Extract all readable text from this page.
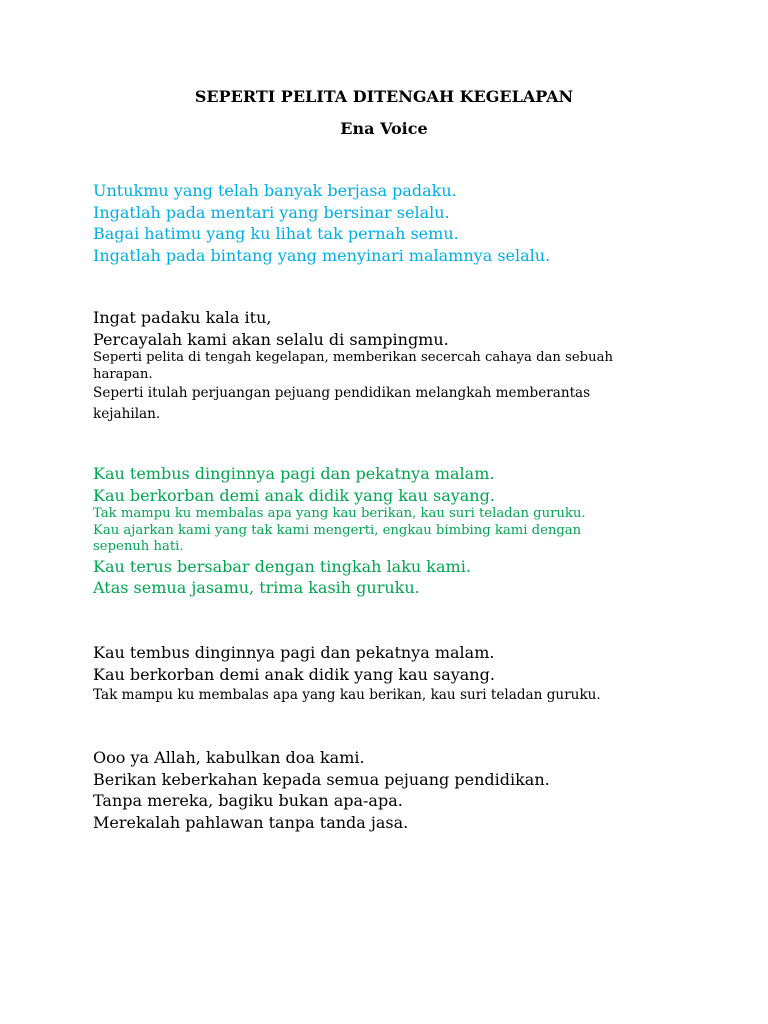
SEPERTI PELITA DITENGAH KEGELAPAN
Ena Voice
Untukmu yang telah banyak berjasa padaku.
Ingatlah pada mentari yang bersinar selalu.
Bagai hatimu yang ku lihat tak pernah semu.
Ingatlah pada bintang yang menyinari malamnya selalu.
Ingat padaku kala itu,
Percayalah kami akan selalu di sampingmu.
Seperti pelita di tengah kegelapan, memberikan secercah cahaya dan sebuah
harapan.
Seperti itulah perjuangan pejuang pendidikan melangkah memberantas
kejahilan.
Kau tembus dinginnya pagi dan pekatnya malam.
Kau berkorban demi anak didik yang kau sayang.
Tak mampu ku membalas apa yang kau berikan, kau suri teladan guruku.
Kau ajarkan kami yang tak kami mengerti, engkau bimbing kami dengan
sepenuh hati.
Kau terus bersabar dengan tingkah laku kami.
Atas semua jasamu, trima kasih guruku.
Kau tembus dinginnya pagi dan pekatnya malam.
Kau berkorban demi anak didik yang kau sayang.
Tak mampu ku membalas apa yang kau berikan, kau suri teladan guruku.
Ooo ya Allah, kabulkan doa kami.
Berikan keberkahan kepada semua pejuang pendidikan.
Tanpa mereka, bagiku bukan apa-apa.
Merekalah pahlawan tanpa tanda jasa.
